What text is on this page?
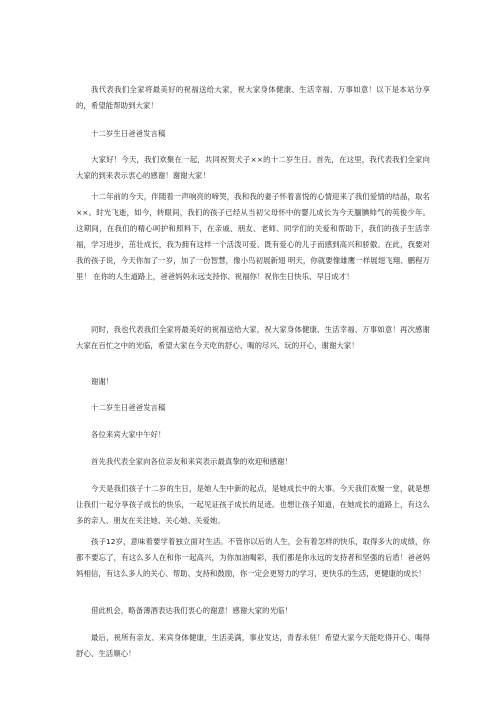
我代表我们全家将最美好的祝福送给大家，祝大家身体健康、生活幸福、万事如意！以下是本站分享的，希望能帮助到大家！

十二岁生日爸爸发言稿

大家好！今天，我们欢聚在一起，共同祝贺犬子××的十二岁生日。首先，在这里，我代表我们全家向大家的到来表示衷心的感谢！谢谢大家！

十二年前的今天，伴随着一声响亮的啼哭，我和我的妻子怀着喜悦的心情迎来了我们爱情的结晶，取名××。时光飞逝，如今，转眼间，我们的孩子已经从当初父母怀中的婴儿成长为今天腼腆帅气的英俊少年。这期间，在我们的精心呵护和照料下，在亲戚、朋友、老师、同学们的关爱和帮助下，我们的孩子生活幸福，学习进步，茁壮成长，我为拥有这样一个活泼可爱、既有爱心的儿子而感到高兴和骄傲。在此，我要对我的孩子说，今天你加了一岁，加了一份智慧，像小鸟初展新翅 明天，你就要像雄鹰一样展翅飞翔、鹏程万里！ 在你的人生道路上，爸爸妈妈永远支持你、祝福你！祝你生日快乐、早日成才！

同时，我也代表我们全家将最美好的祝福送给大家，祝大家身体健康、生活幸福、万事如意！再次感谢大家在百忙之中的光临，希望大家在今天吃的舒心、喝的尽兴、玩的开心，谢谢大家！

谢谢！

十二岁生日爸爸发言稿

各位来宾大家中午好！

首先我代表全家向各位亲友和来宾表示最真挚的欢迎和感谢！

今天是我们孩子十二岁的生日，是她人生中新的起点，是她成长中的大事。今天我们欢聚一堂，就是想让我们一起分享孩子成长的快乐，一起见证孩子成长的足迹。也想让孩子知道，在她成长的道路上，有这么多的亲人、朋友在关注她、关心她、关爱她。

孩子12岁，意味着要学着独立面对生活。不管你以后的人生，会有着怎样的快乐，取得多大的成绩，你都不要忘了，有这么多人在和你一起高兴，为你加油喝彩，我们都是你永远的支持者和坚强的后盾！爸爸妈妈相信，有这么多人的关心、帮助、支持和鼓励，你一定会更努力的学习，更快乐的生活，更健康的成长！

借此机会，略备薄酒表达我们衷心的谢意！感谢大家的光临！

最后，祝所有亲友、来宾身体健康，生活美满，事业发达，青春永驻！希望大家今天能吃得开心、喝得舒心、生活顺心！
